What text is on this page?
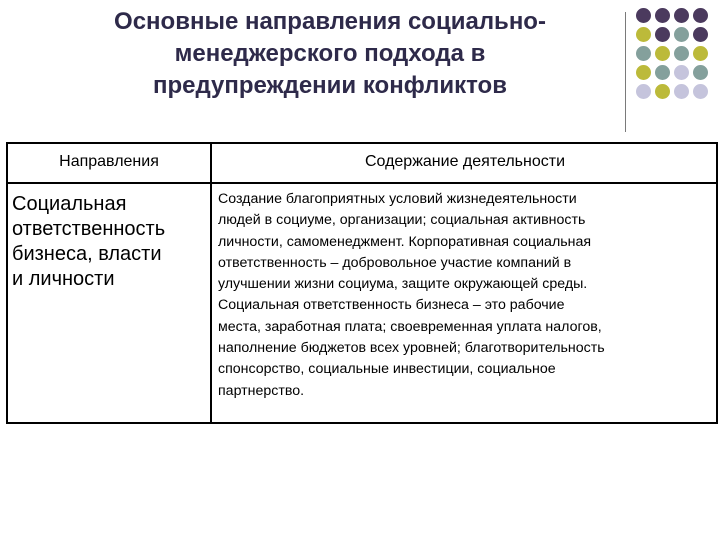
Основные направления социально-
менеджерского подхода в
предупреждении конфликтов
Направления	Содержание деятельности
Социальная
ответственность
бизнеса, власти
и личности
Создание благоприятных условий жизнедеятельности
людей в социуме, организации; социальная активность
личности, самоменеджмент. Корпоративная социальная
ответственность – добровольное участие компаний в
улучшении жизни социума, защите окружающей среды.
Социальная ответственность бизнеса – это рабочие
места, заработная плата; своевременная уплата налогов,
наполнение бюджетов всех уровней; благотворительность
спонсорство, социальные инвестиции, социальное
партнерство.
